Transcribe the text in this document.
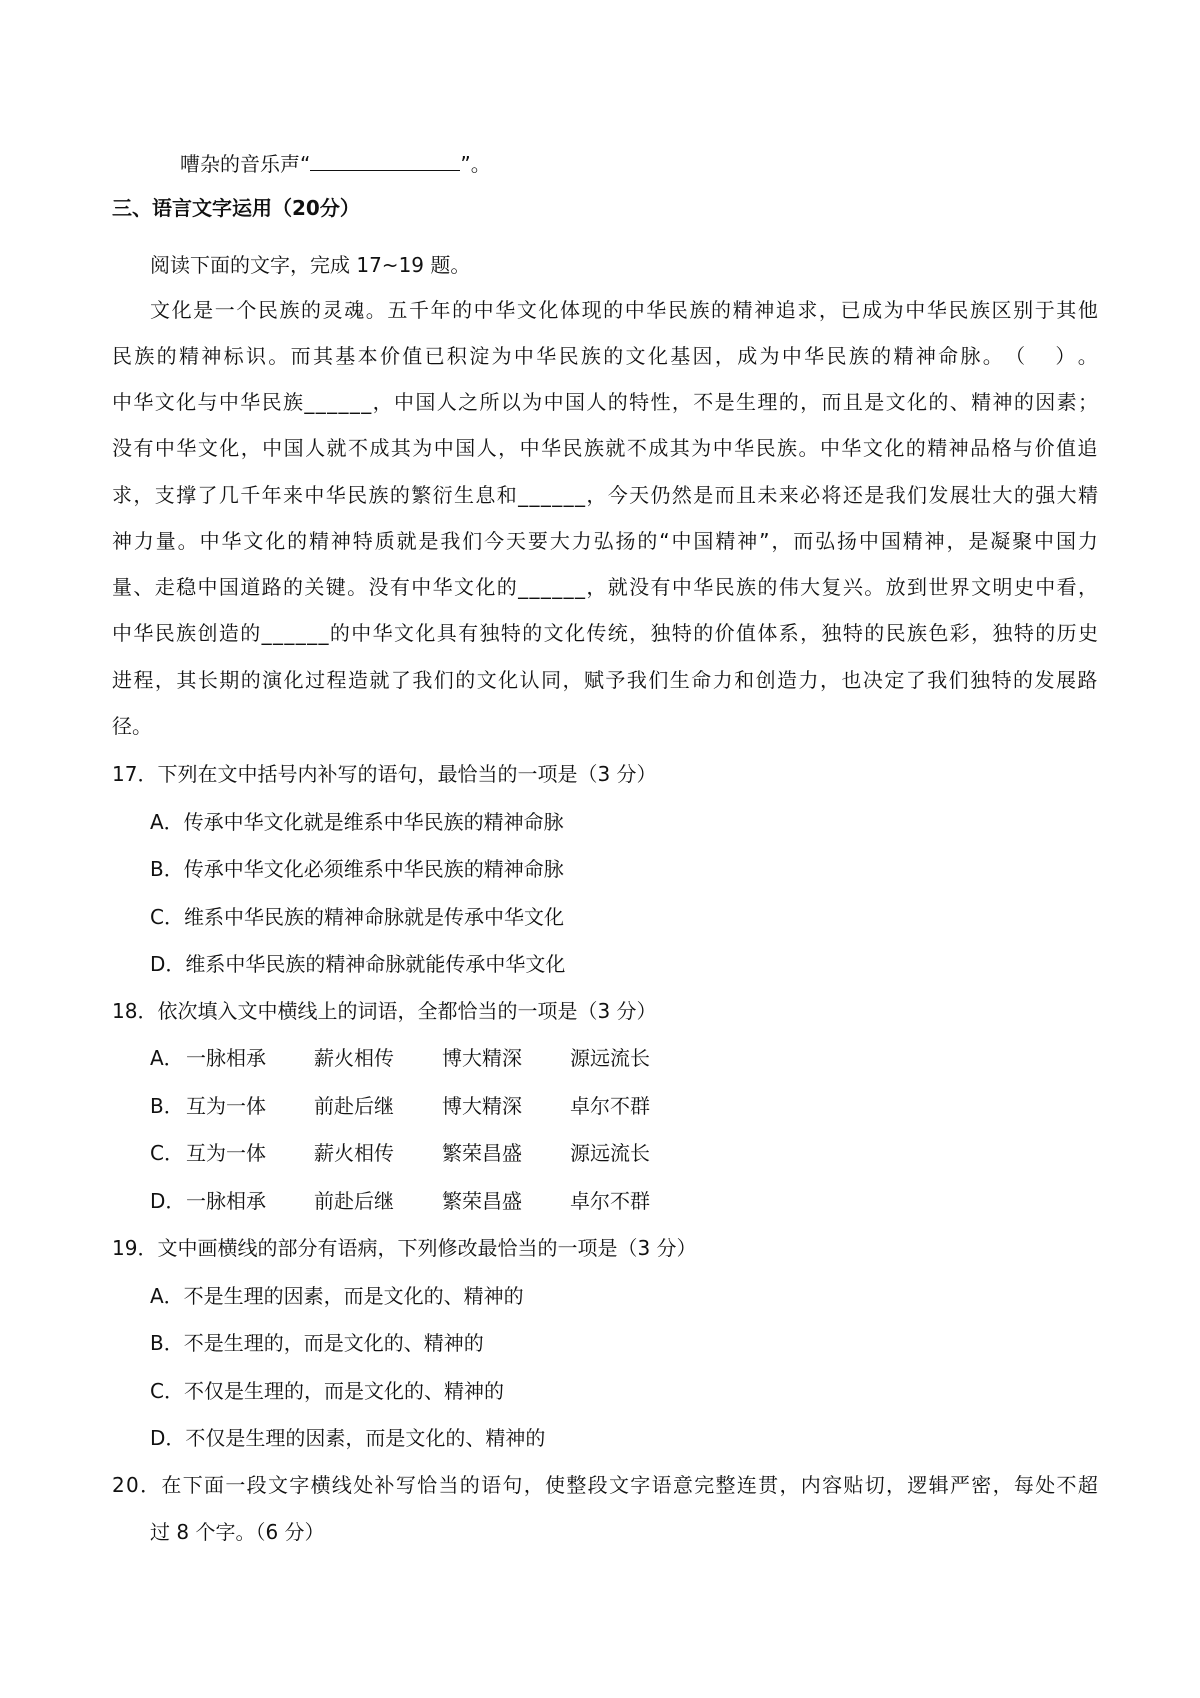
嘈杂的音乐声“	”。
三、语言文字运用（20分）
阅读下面的文字，完成 17~19 题。
文 化 是 一 个 民 族 的 灵 魂 。 五 千 年 的 中 华 文 化 体 现 的 中 华 民 族 的 精 神 追 求 ， 已 成 为 中 华 民 族 区 别 于 其 他
民 族 的 精 神 标 识 。 而 其 基 本 价 值 已 积 淀 为 中 华 民 族 的 文 化 基 因 ， 成 为 中 华 民 族 的 精 神 命 脉 。 （ ） 。
中 华 文 化 与 中 华 民 族 _ _ _ _ _ _ ， 中 国 人 之 所 以 为 中 国 人 的 特 性 ， 不 是 生 理 的 ， 而 且 是 文 化 的 、 精 神 的 因 素 ；
没 有 中 华 文 化 ， 中 国 人 就 不 成 其 为 中 国 人 ， 中 华 民 族 就 不 成 其 为 中 华 民 族 。 中 华 文 化 的 精 神 品 格 与 价 值 追
求 ， 支 撑 了 几 千 年 来 中 华 民 族 的 繁 衍 生 息 和 _ _ _ _ _ _ ， 今 天 仍 然 是 而 且 未 来 必 将 还 是 我 们 发 展 壮 大 的 强 大 精
神 力 量 。 中 华 文 化 的 精 神 特 质 就 是 我 们 今 天 要 大 力 弘 扬 的 “ 中 国 精 神 ” ， 而 弘 扬 中 国 精 神 ， 是 凝 聚 中 国 力
量 、 走 稳 中 国 道 路 的 关 键 。 没 有 中 华 文 化 的 _ _ _ _ _ _ ， 就 没 有 中 华 民 族 的 伟 大 复 兴 。 放 到 世 界 文 明 史 中 看 ，
中 华 民 族 创 造 的 _ _ _ _ _ _ 的 中 华 文 化 具 有 独 特 的 文 化 传 统 ， 独 特 的 价 值 体 系 ， 独 特 的 民 族 色 彩 ， 独 特 的 历 史
进 程 ， 其 长 期 的 演 化 过 程 造 就 了 我 们 的 文 化 认 同 ， 赋 予 我 们 生 命 力 和 创 造 力 ， 也 决 定 了 我 们 独 特 的 发 展 路
径。
17．下列在文中括号内补写的语句，最恰当的一项是（3 分）
A．传承中华文化就是维系中华民族的精神命脉
B．传承中华文化必须维系中华民族的精神命脉
C．维系中华民族的精神命脉就是传承中华文化
D．维系中华民族的精神命脉就能传承中华文化
18．依次填入文中横线上的词语，全都恰当的一项是（3 分）
A． 一脉相承 薪火相传 博大精深 源远流长
B． 互为一体 前赴后继 博大精深 卓尔不群
C． 互为一体 薪火相传 繁荣昌盛 源远流长
D． 一脉相承 前赴后继 繁荣昌盛 卓尔不群
19．文中画横线的部分有语病，下列修改最恰当的一项是（3 分）
A．不是生理的因素，而是文化的、精神的
B．不是生理的，而是文化的、精神的
C．不仅是生理的，而是文化的、精神的
D．不仅是生理的因素，而是文化的、精神的
2 0 ． 在 下 面 一 段 文 字 横 线 处 补 写 恰 当 的 语 句 ， 使 整 段 文 字 语 意 完 整 连 贯 ， 内 容 贴 切 ， 逻 辑 严 密 ， 每 处 不 超
过 8 个字。（6 分）
